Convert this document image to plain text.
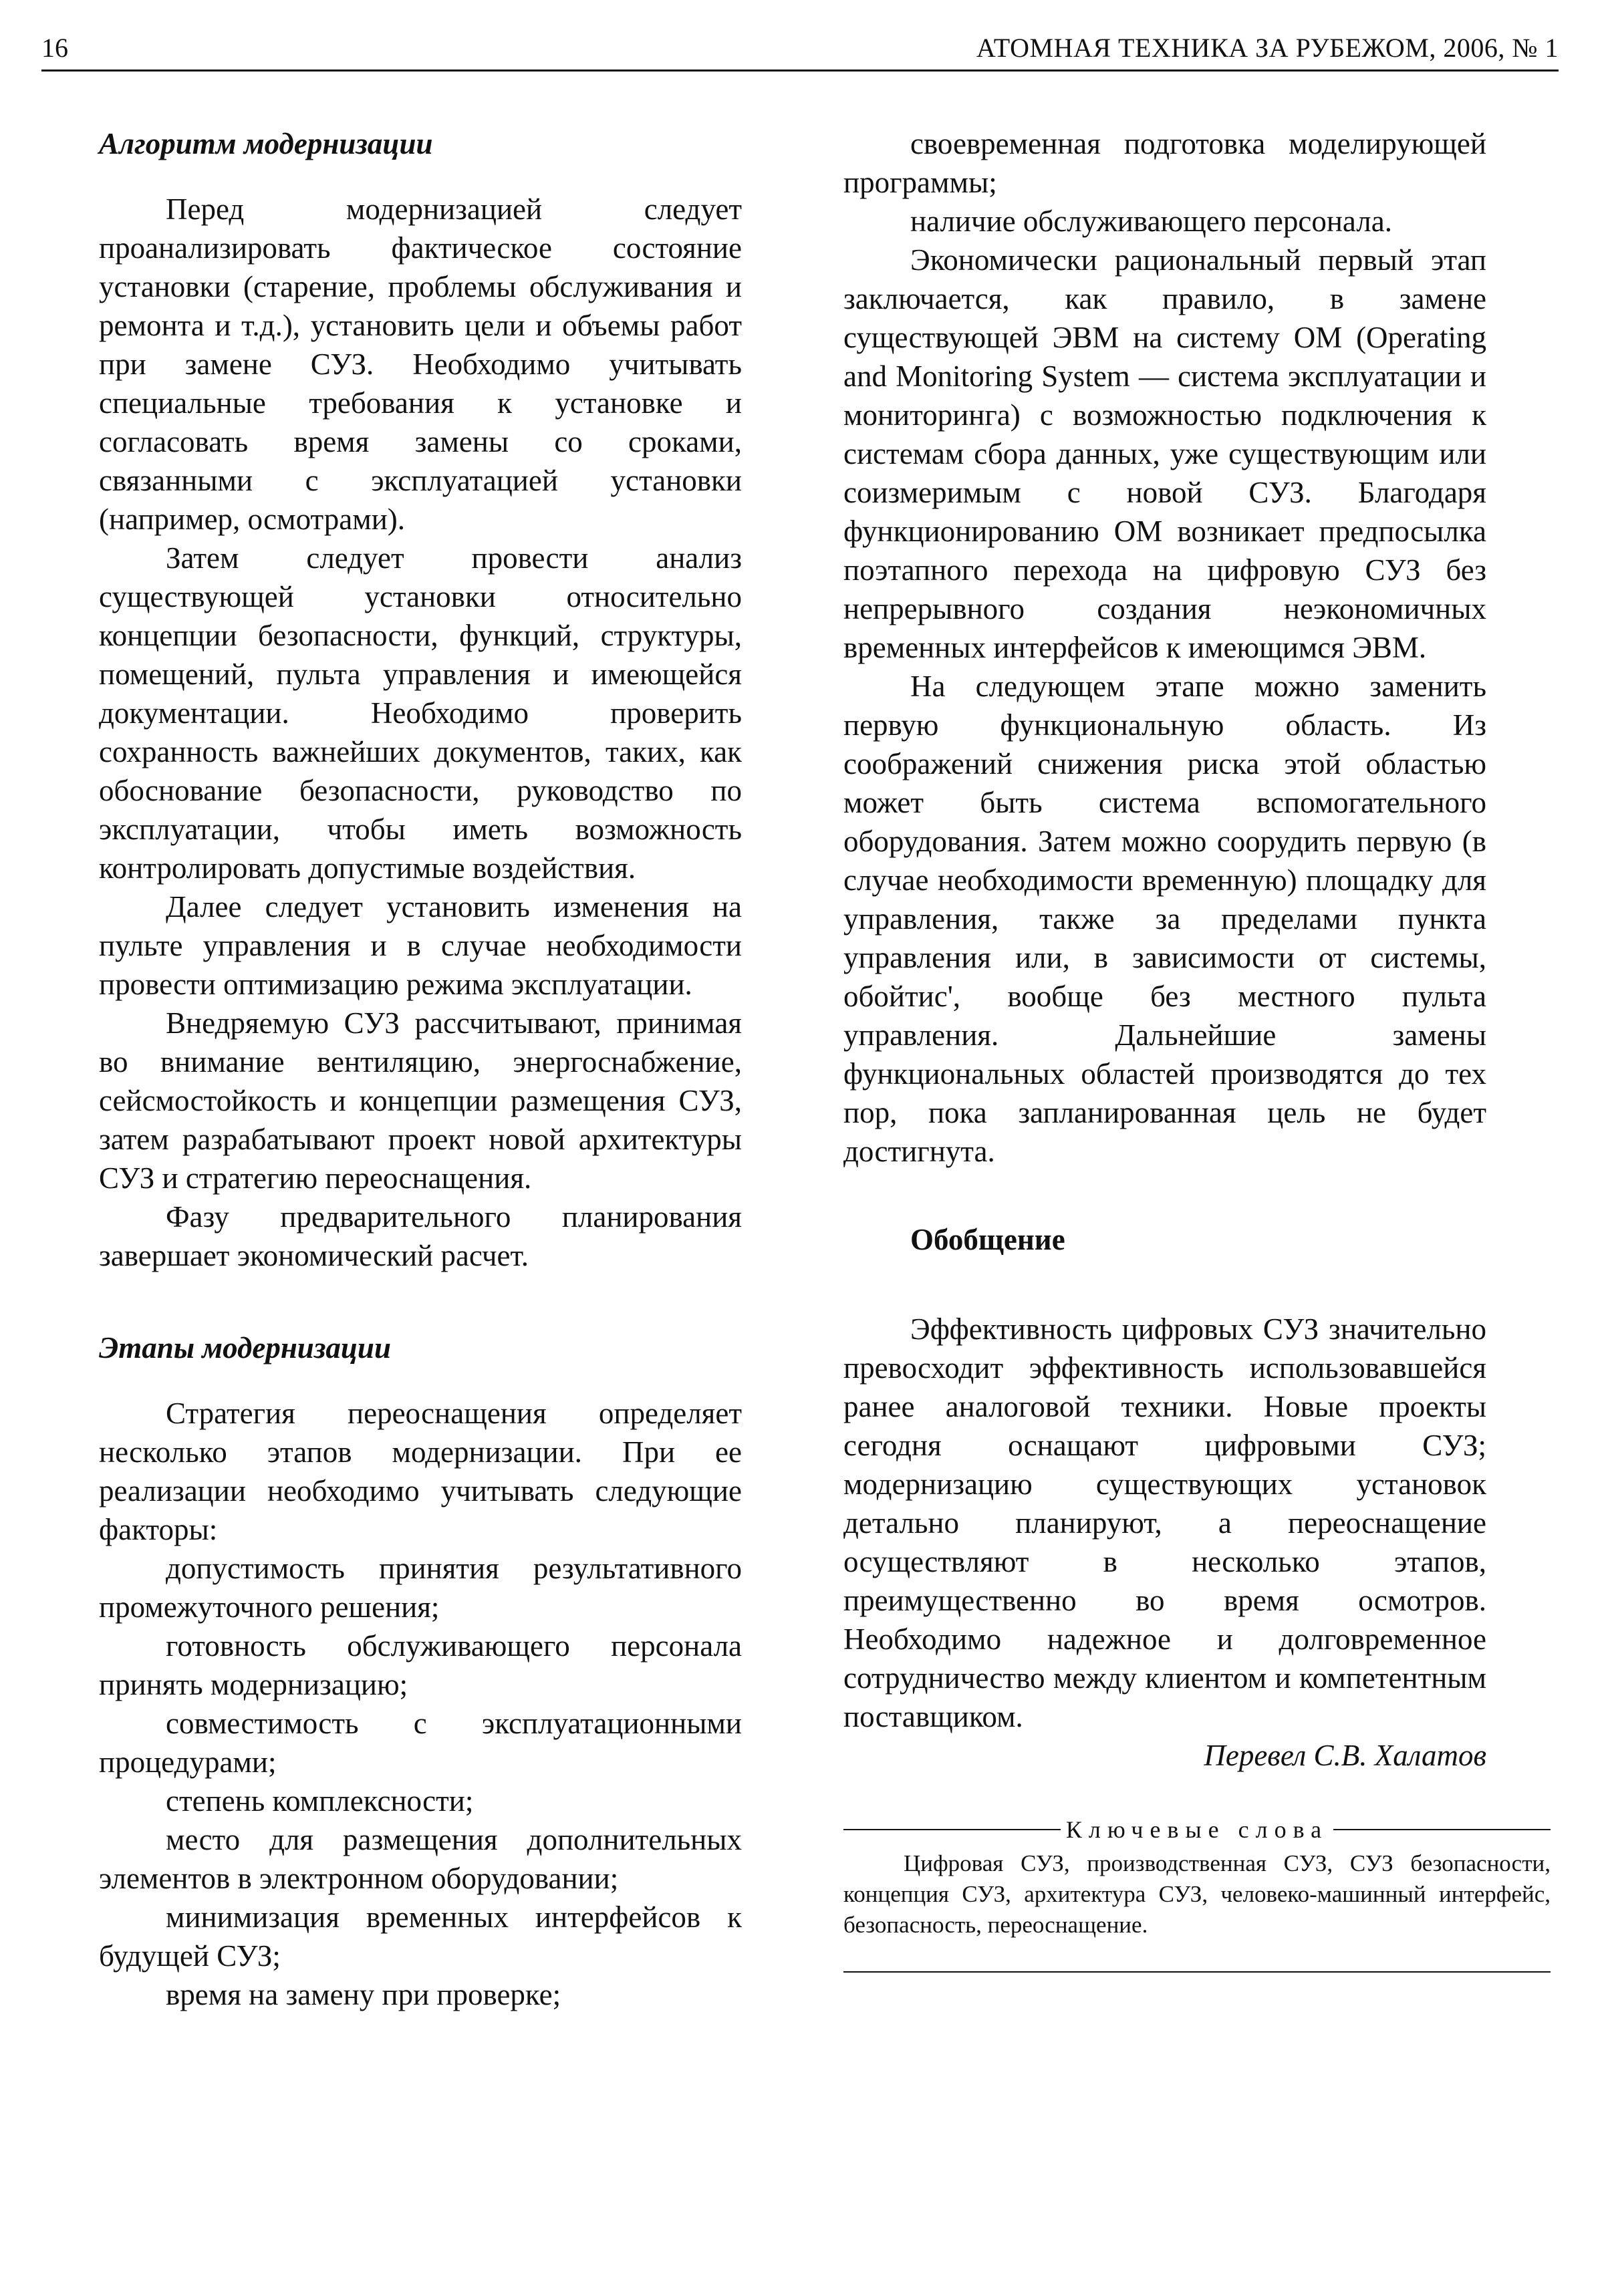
16	АТОМНАЯ ТЕХНИКА ЗА РУБЕЖОМ, 2006, № 1

Алгоритм модернизации

Перед модернизацией следует проанализировать фактическое состояние установки (старение, проблемы обслуживания и ремонта и т.д.), установить цели и объемы работ при замене СУЗ. Необходимо учитывать специальные требования к установке и согласовать время замены со сроками, связанными с эксплуатацией установки (например, осмотрами).

Затем следует провести анализ существующей установки относительно концепции безопасности, функций, структуры, помещений, пульта управления и имеющейся документации. Необходимо проверить сохранность важнейших документов, таких, как обоснование безопасности, руководство по эксплуатации, чтобы иметь возможность контролировать допустимые воздействия.

Далее следует установить изменения на пульте управления и в случае необходимости провести оптимизацию режима эксплуатации.

Внедряемую СУЗ рассчитывают, принимая во внимание вентиляцию, энергоснабжение, сейсмостойкость и концепции размещения СУЗ, затем разрабатывают проект новой архитектуры СУЗ и стратегию переоснащения.

Фазу предварительного планирования завершает экономический расчет.

Этапы модернизации

Стратегия переоснащения определяет несколько этапов модернизации. При ее реализации необходимо учитывать следующие факторы:

допустимость принятия результативного промежуточного решения;

готовность обслуживающего персонала принять модернизацию;

совместимость с эксплуатационными процедурами;

степень комплексности;

место для размещения дополнительных элементов в электронном оборудовании;

минимизация временных интерфейсов к будущей СУЗ;

время на замену при проверке;

своевременная подготовка моделирующей программы;

наличие обслуживающего персонала.

Экономически рациональный первый этап заключается, как правило, в замене существующей ЭВМ на систему ОМ (Operating and Monitoring System — система эксплуатации и мониторинга) с возможностью подключения к системам сбора данных, уже существующим или соизмеримым с новой СУЗ. Благодаря функционированию ОМ возникает предпосылка поэтапного перехода на цифровую СУЗ без непрерывного создания неэкономичных временных интерфейсов к имеющимся ЭВМ.

На следующем этапе можно заменить первую функциональную область. Из соображений снижения риска этой областью может быть система вспомогательного оборудования. Затем можно соорудить первую (в случае необходимости временную) площадку для управления, также за пределами пункта управления или, в зависимости от системы, обойтис', вообще без местного пульта управления. Дальнейшие замены функциональных областей производятся до тех пор, пока запланированная цель не будет достигнута.

Обобщение

Эффективность цифровых СУЗ значительно превосходит эффективность использовавшейся ранее аналоговой техники. Новые проекты сегодня оснащают цифровыми СУЗ; модернизацию существующих установок детально планируют, а переоснащение осуществляют в несколько этапов, преимущественно во время осмотров. Необходимо надежное и долговременное сотрудничество между клиентом и компетентным поставщиком.

Перевел С.В. Халатов

Ключевые слова

Цифровая СУЗ, производственная СУЗ, СУЗ безопасности, концепция СУЗ, архитектура СУЗ, человеко-машинный интерфейс, безопасность, переоснащение.
